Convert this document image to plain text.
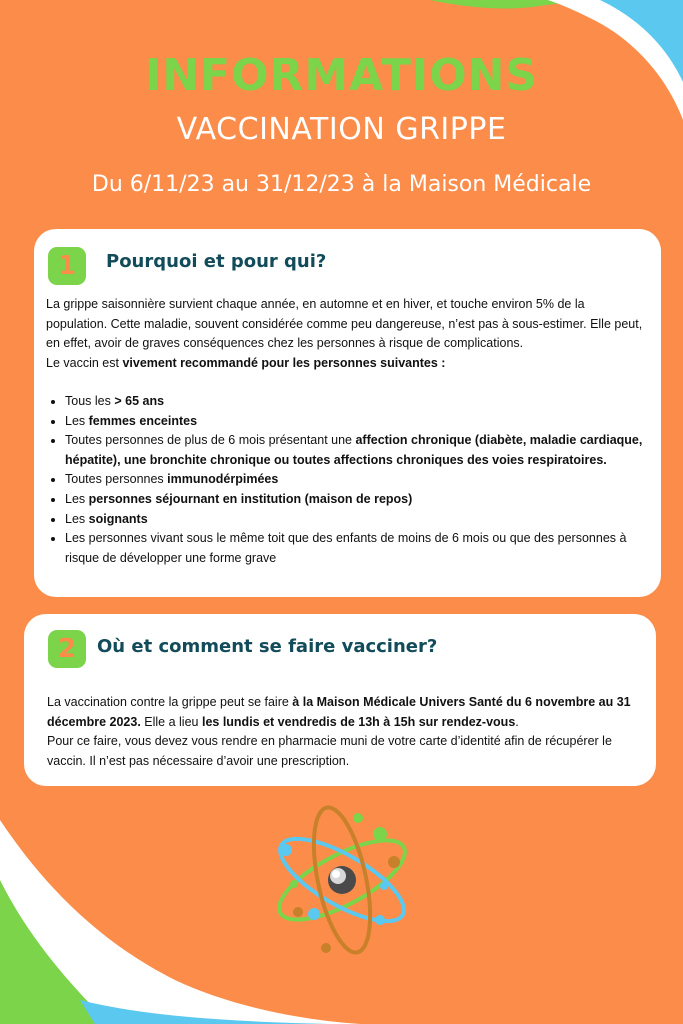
INFORMATIONS
VACCINATION GRIPPE
Du 6/11/23 au 31/12/23 à la Maison Médicale
1	Pourquoi et pour qui?

La grippe saisonnière survient chaque année, en automne et en hiver, et touche environ 5% de la population. Cette maladie, souvent considérée comme peu dangereuse, n’est pas à sous-estimer. Elle peut, en effet, avoir de graves conséquences chez les personnes à risque de complications.

Le vaccin est vivement recommandé pour les personnes suivantes :

• Tous les > 65 ans
• Les femmes enceintes
• Toutes personnes de plus de 6 mois présentant une affection chronique (diabète, maladie cardiaque, hépatite), une bronchite chronique ou toutes affections chroniques des voies respiratoires.
• Toutes personnes immunodérpimées
• Les personnes séjournant en institution (maison de repos)
• Les soignants
• Les personnes vivant sous le même toit que des enfants de moins de 6 mois ou que des personnes à risque de développer une forme grave
2	Où et comment se faire vacciner?

La vaccination contre la grippe peut se faire à la Maison Médicale Univers Santé du 6 novembre au 31 décembre 2023. Elle a lieu les lundis et vendredis de 13h à 15h sur rendez-vous.

Pour ce faire, vous devez vous rendre en pharmacie muni de votre carte d’identité afin de récupérer le vaccin. Il n’est pas nécessaire d’avoir une prescription.
